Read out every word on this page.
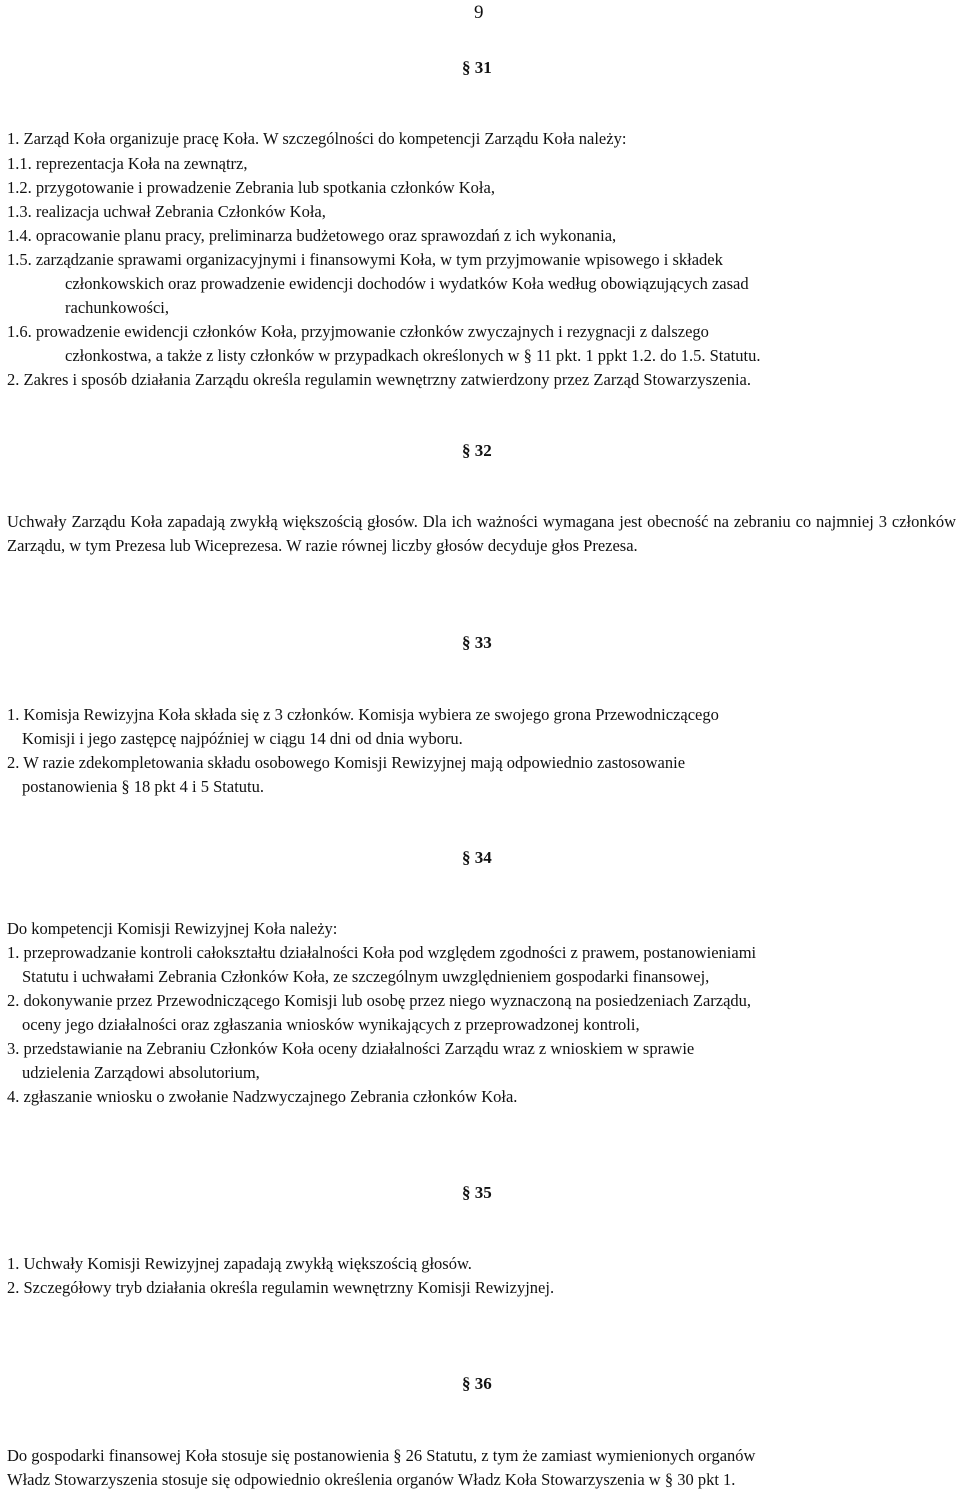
9
§ 31
1. Zarząd Koła organizuje pracę Koła. W szczególności do kompetencji Zarządu Koła należy:
1.1. reprezentacja Koła na zewnątrz,
1.2. przygotowanie i prowadzenie Zebrania lub spotkania członków Koła,
1.3. realizacja uchwał Zebrania Członków Koła,
1.4. opracowanie planu pracy, preliminarza budżetowego oraz sprawozdań z ich wykonania,
1.5. zarządzanie sprawami organizacyjnymi i finansowymi Koła, w tym przyjmowanie wpisowego i składek
członkowskich oraz prowadzenie ewidencji dochodów i wydatków Koła według obowiązujących zasad
rachunkowości,
1.6. prowadzenie ewidencji członków Koła, przyjmowanie członków zwyczajnych i rezygnacji z dalszego
członkostwa, a także z listy członków w przypadkach określonych w § 11 pkt. 1 ppkt 1.2. do 1.5. Statutu.
2. Zakres i sposób działania Zarządu określa regulamin wewnętrzny zatwierdzony przez Zarząd Stowarzyszenia.
§ 32
Uchwały Zarządu Koła zapadają zwykłą większością głosów. Dla ich ważności wymagana jest obecność na zebraniu co najmniej 3 członków Zarządu, w tym Prezesa lub Wiceprezesa. W razie równej liczby głosów decyduje głos Prezesa.
§ 33
1. Komisja Rewizyjna Koła składa się z 3 członków. Komisja wybiera ze swojego grona Przewodniczącego
Komisji i jego zastępcę najpóźniej w ciągu 14 dni od dnia wyboru.
2. W razie zdekompletowania składu osobowego Komisji Rewizyjnej mają odpowiednio zastosowanie
postanowienia § 18 pkt 4 i 5 Statutu.
§ 34
Do kompetencji Komisji Rewizyjnej Koła należy:
1. przeprowadzanie kontroli całokształtu działalności Koła pod względem zgodności z prawem, postanowieniami
Statutu i uchwałami Zebrania Członków Koła, ze szczególnym uwzględnieniem gospodarki finansowej,
2. dokonywanie przez Przewodniczącego Komisji lub osobę przez niego wyznaczoną na posiedzeniach Zarządu,
oceny jego działalności oraz zgłaszania wniosków wynikających z przeprowadzonej kontroli,
3. przedstawianie na Zebraniu Członków Koła oceny działalności Zarządu wraz z wnioskiem w sprawie
udzielenia Zarządowi absolutorium,
4. zgłaszanie wniosku o zwołanie Nadzwyczajnego Zebrania członków Koła.
§ 35
1. Uchwały Komisji Rewizyjnej zapadają zwykłą większością głosów.
2. Szczegółowy tryb działania określa regulamin wewnętrzny Komisji Rewizyjnej.
§ 36
Do gospodarki finansowej Koła stosuje się postanowienia § 26 Statutu, z tym że zamiast wymienionych organów
Władz Stowarzyszenia stosuje się odpowiednio określenia organów Władz Koła Stowarzyszenia w § 30 pkt 1.
